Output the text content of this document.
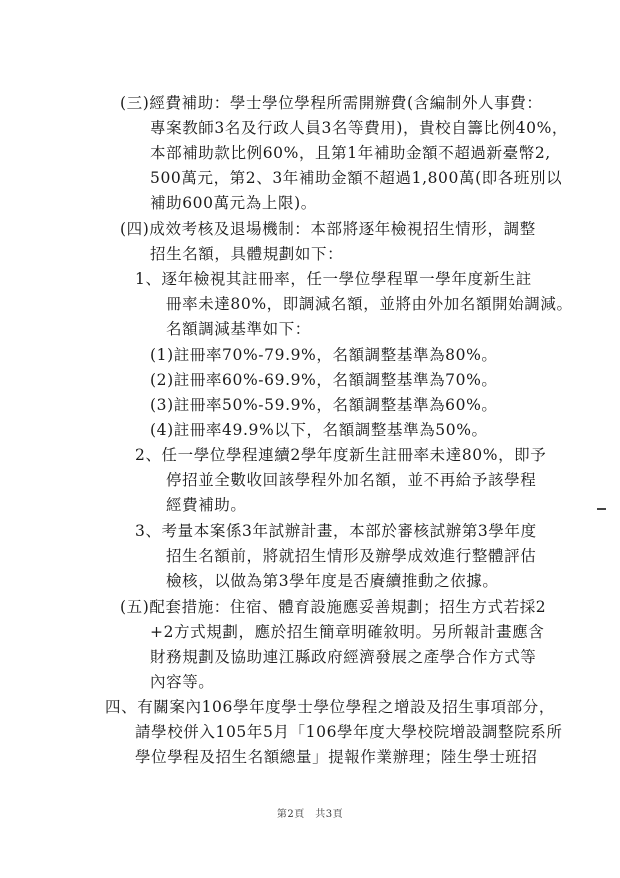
(三)經費補助：學士學位學程所需開辦費(含編制外人事費：
專案教師3名及行政人員3名等費用)，貴校自籌比例40%，
本部補助款比例60%，且第1年補助金額不超過新臺幣2,
500萬元，第2、3年補助金額不超過1,800萬(即各班別以
補助600萬元為上限)。
(四)成效考核及退場機制：本部將逐年檢視招生情形，調整
招生名額，具體規劃如下：
1、逐年檢視其註冊率，任一學位學程單一學年度新生註
冊率未達80%，即調減名額，並將由外加名額開始調減。
名額調減基準如下：
(1)註冊率70%-79.9%，名額調整基準為80%。
(2)註冊率60%-69.9%，名額調整基準為70%。
(3)註冊率50%-59.9%，名額調整基準為60%。
(4)註冊率49.9%以下，名額調整基準為50%。
2、任一學位學程連續2學年度新生註冊率未達80%，即予
停招並全數收回該學程外加名額，並不再給予該學程
經費補助。
3、考量本案係3年試辦計畫，本部於審核試辦第3學年度
招生名額前，將就招生情形及辦學成效進行整體評估
檢核，以做為第3學年度是否賡續推動之依據。
(五)配套措施：住宿、體育設施應妥善規劃；招生方式若採2
+2方式規劃，應於招生簡章明確敘明。另所報計畫應含
財務規劃及協助連江縣政府經濟發展之產學合作方式等
內容等。
四、有關案內106學年度學士學位學程之增設及招生事項部分，
請學校併入105年5月「106學年度大學校院增設調整院系所
學位學程及招生名額總量」提報作業辦理；陸生學士班招
第2頁　共3頁
